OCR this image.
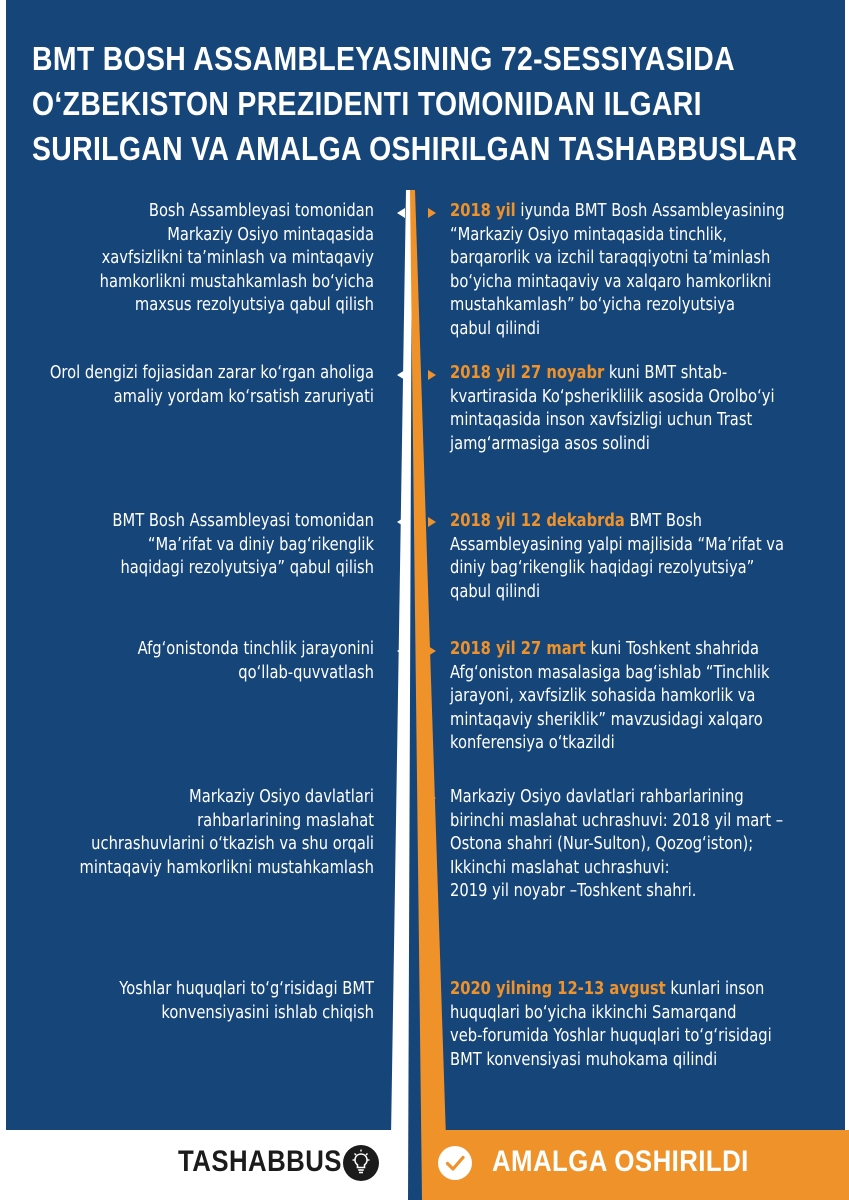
BMT BOSH ASSAMBLEYASINING 72-SESSIYASIDA
O‘ZBEKISTON PREZIDENTI TOMONIDAN ILGARI
SURILGAN VA AMALGA OSHIRILGAN TASHABBUSLAR
Bosh Assambleyasi tomonidan
Markaziy Osiyo mintaqasida
xavfsizlikni ta’minlash va mintaqaviy
hamkorlikni mustahkamlash bo‘yicha
maxsus rezolyutsiya qabul qilish
2018 yil iyunda BMT Bosh Assambleyasining
“Markaziy Osiyo mintaqasida tinchlik,
barqarorlik va izchil taraqqiyotni ta’minlash
bo‘yicha mintaqaviy va xalqaro hamkorlikni
mustahkamlash” bo‘yicha rezolyutsiya
qabul qilindi
Orol dengizi fojiasidan zarar ko‘rgan aholiga
amaliy yordam ko‘rsatish zaruriyati
2018 yil 27 noyabr kuni BMT shtab-
kvartirasida Ko‘psheriklilik asosida Orolbo‘yi
mintaqasida inson xavfsizligi uchun Trast
jamg‘armasiga asos solindi
BMT Bosh Assambleyasi tomonidan
“Ma’rifat va diniy bag‘rikenglik
haqidagi rezolyutsiya” qabul qilish
2018 yil 12 dekabrda BMT Bosh
Assambleyasining yalpi majlisida “Ma’rifat va
diniy bag‘rikenglik haqidagi rezolyutsiya”
qabul qilindi
Afg‘onistonda tinchlik jarayonini
qo‘llab-quvvatlash
2018 yil 27 mart kuni Toshkent shahrida
Afg‘oniston masalasiga bag‘ishlab “Tinchlik
jarayoni, xavfsizlik sohasida hamkorlik va
mintaqaviy sheriklik” mavzusidagi xalqaro
konferensiya o‘tkazildi
Markaziy Osiyo davlatlari
rahbarlarining maslahat
uchrashuvlarini o‘tkazish va shu orqali
mintaqaviy hamkorlikni mustahkamlash
Markaziy Osiyo davlatlari rahbarlarining
birinchi maslahat uchrashuvi: 2018 yil mart –
Ostona shahri (Nur-Sulton), Qozog‘iston);
Ikkinchi maslahat uchrashuvi:
2019 yil noyabr –Toshkent shahri.
Yoshlar huquqlari to‘g‘risidagi BMT
konvensiyasini ishlab chiqish
2020 yilning 12-13 avgust kunlari inson
huquqlari bo‘yicha ikkinchi Samarqand
veb-forumida Yoshlar huquqlari to‘g‘risidagi
BMT konvensiyasi muhokama qilindi
TASHABBUS	AMALGA OSHIRILDI
